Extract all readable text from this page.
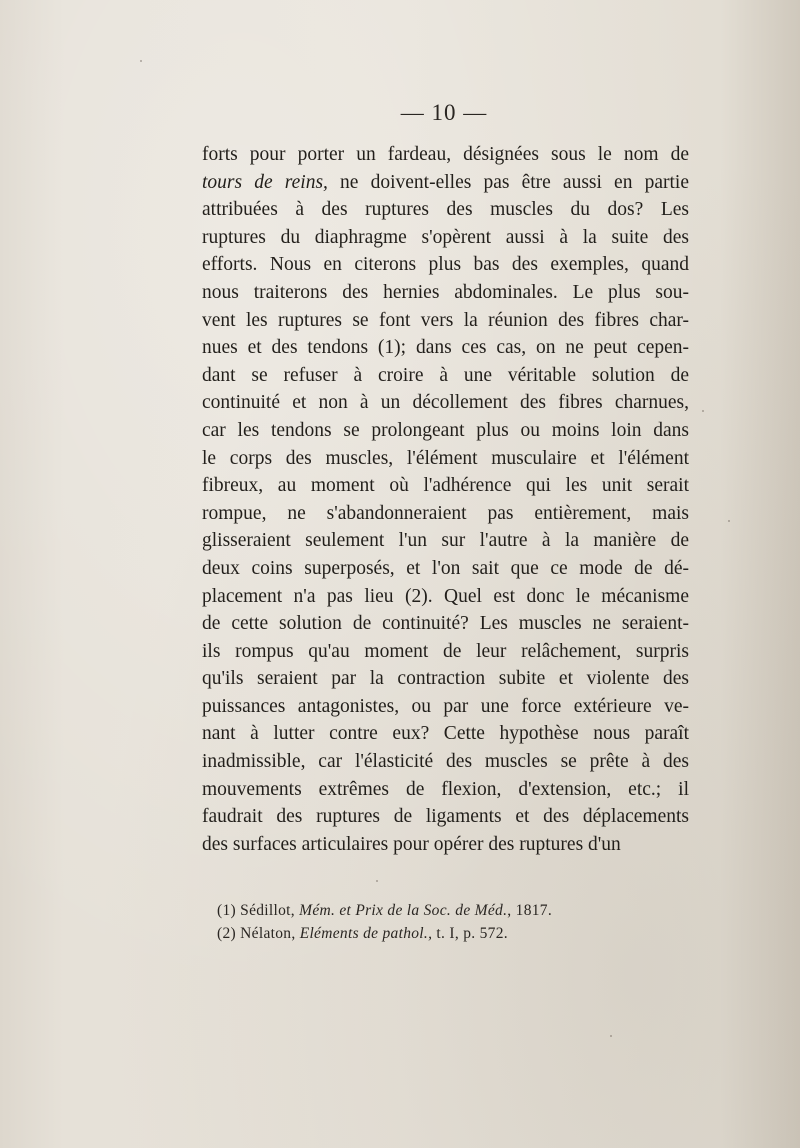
— 10 —
forts pour porter un fardeau, désignées sous le nom de
tours de reins, ne doivent-elles pas être aussi en partie
attribuées à des ruptures des muscles du dos? Les
ruptures du diaphragme s'opèrent aussi à la suite des
efforts. Nous en citerons plus bas des exemples, quand
nous traiterons des hernies abdominales. Le plus sou-
vent les ruptures se font vers la réunion des fibres char-
nues et des tendons (1); dans ces cas, on ne peut cepen-
dant se refuser à croire à une véritable solution de
continuité et non à un décollement des fibres charnues,
car les tendons se prolongeant plus ou moins loin dans
le corps des muscles, l'élément musculaire et l'élément
fibreux, au moment où l'adhérence qui les unit serait
rompue, ne s'abandonneraient pas entièrement, mais
glisseraient seulement l'un sur l'autre à la manière de
deux coins superposés, et l'on sait que ce mode de dé-
placement n'a pas lieu (2). Quel est donc le mécanisme
de cette solution de continuité? Les muscles ne seraient-
ils rompus qu'au moment de leur relâchement, surpris
qu'ils seraient par la contraction subite et violente des
puissances antagonistes, ou par une force extérieure ve-
nant à lutter contre eux? Cette hypothèse nous paraît
inadmissible, car l'élasticité des muscles se prête à des
mouvements extrêmes de flexion, d'extension, etc.; il
faudrait des ruptures de ligaments et des déplacements
des surfaces articulaires pour opérer des ruptures d'un
(1) Sédillot, Mém. et Prix de la Soc. de Méd., 1817.
(2) Nélaton, Eléments de pathol., t. I, p. 572.
